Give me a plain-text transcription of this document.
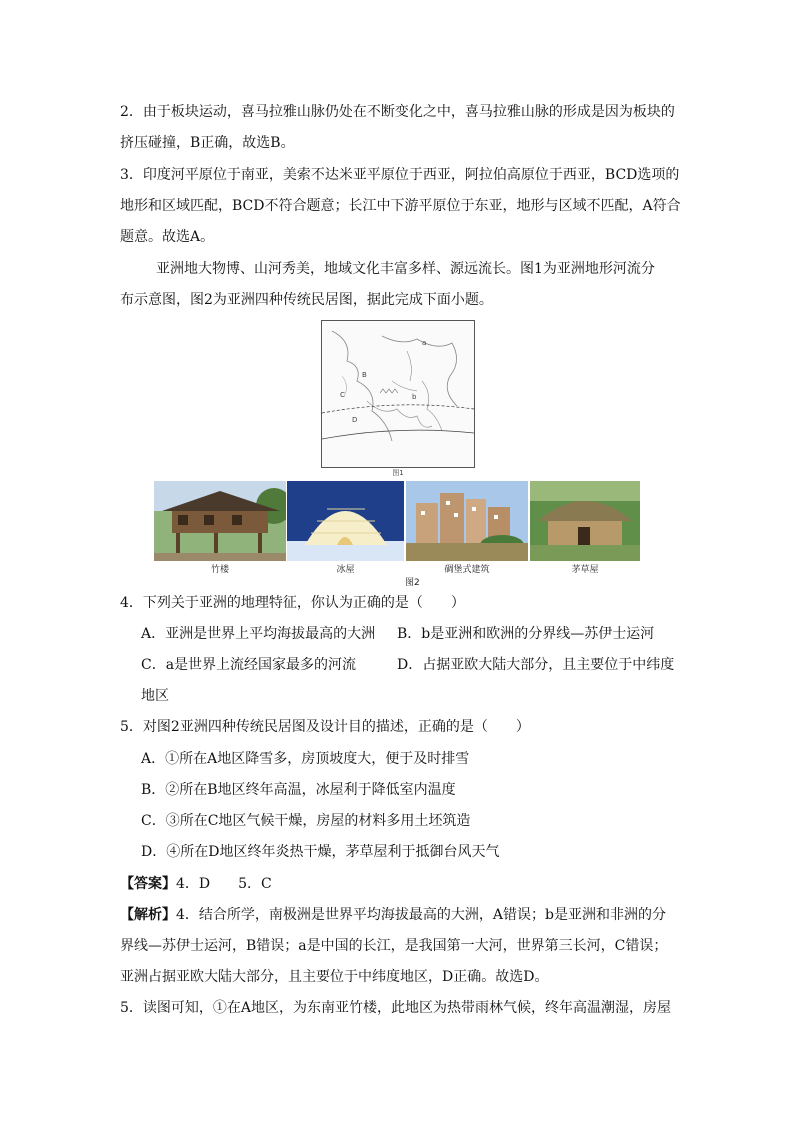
2．由于板块运动，喜马拉雅山脉仍处在不断变化之中，喜马拉雅山脉的形成是因为板块的
挤压碰撞，B正确，故选B。
3．印度河平原位于南亚，美索不达米亚平原位于西亚，阿拉伯高原位于西亚，BCD选项的
地形和区域匹配，BCD不符合题意；长江中下游平原位于东亚，地形与区域不匹配，A符合
题意。故选A。
亚洲地大物博、山河秀美，地域文化丰富多样、源远流长。图1为亚洲地形河流分
布示意图，图2为亚洲四种传统民居图，据此完成下面小题。
a
B
C
D
b
图1
竹楼	冰屋	碉堡式建筑	茅草屋
图2
4．下列关于亚洲的地理特征，你认为正确的是（　　）
A．亚洲是世界上平均海拔最高的大洲 B．b是亚洲和欧洲的分界线—苏伊士运河
C．a是世界上流经国家最多的河流	D．占据亚欧大陆大部分，且主要位于中纬度
地区
5．对图2亚洲四种传统民居图及设计目的描述，正确的是（　　）
A．①所在A地区降雪多，房顶坡度大，便于及时排雪
B．②所在B地区终年高温，冰屋利于降低室内温度
C．③所在C地区气候干燥，房屋的材料多用土坯筑造
D．④所在D地区终年炎热干燥，茅草屋利于抵御台风天气
【答案】4．D　　5．C
【解析】4．结合所学，南极洲是世界平均海拔最高的大洲，A错误；b是亚洲和非洲的分
界线—苏伊士运河，B错误；a是中国的长江，是我国第一大河，世界第三长河，C错误；
亚洲占据亚欧大陆大部分，且主要位于中纬度地区，D正确。故选D。
5．读图可知，①在A地区，为东南亚竹楼，此地区为热带雨林气候，终年高温潮湿，房屋
